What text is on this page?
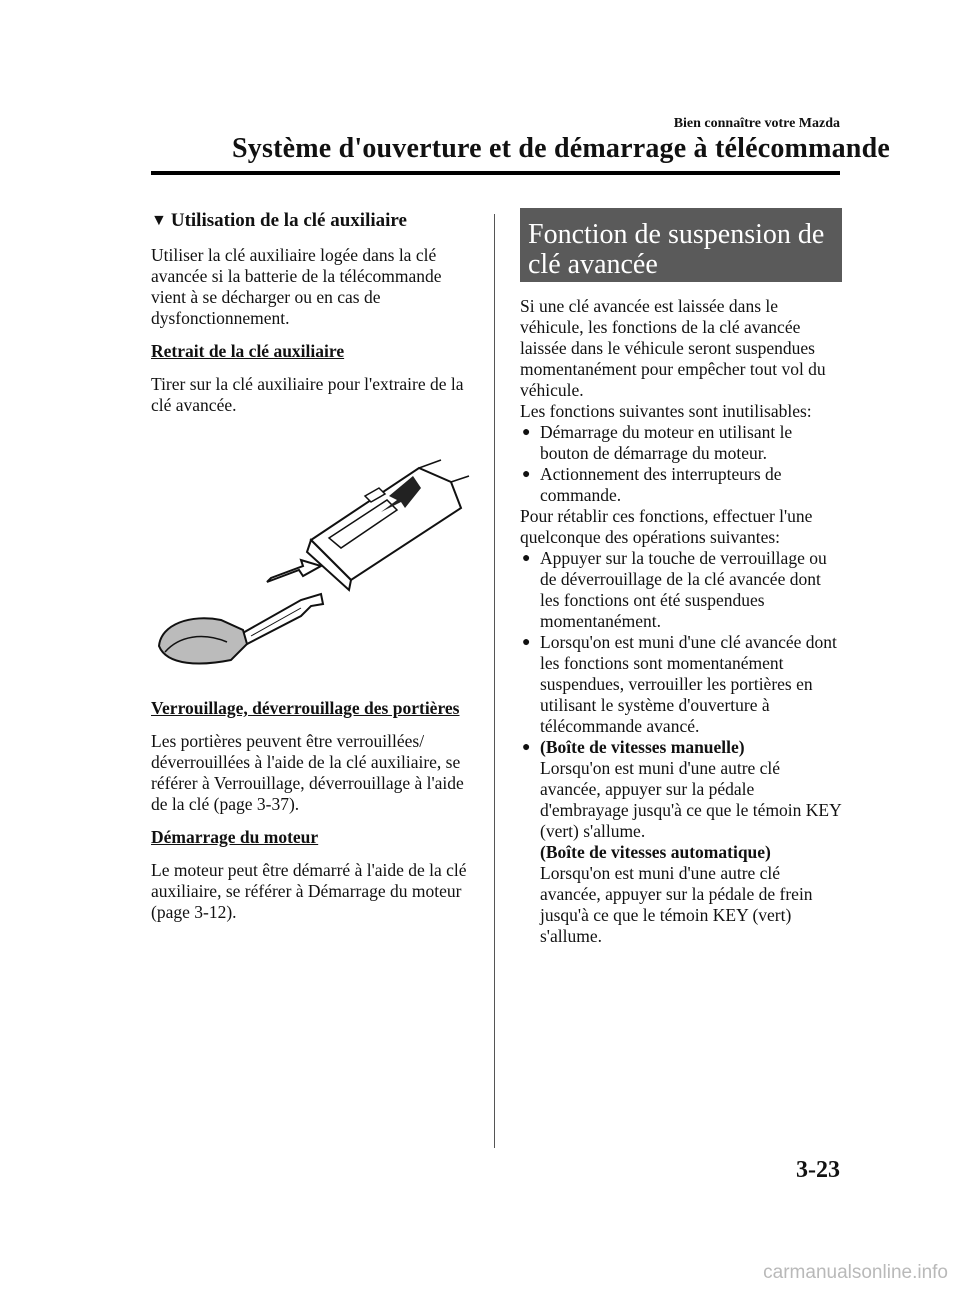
Bien connaître votre Mazda
Système d'ouverture et de démarrage à télécommande
▼ Utilisation de la clé auxiliaire

Utiliser la clé auxiliaire logée dans la clé avancée si la batterie de la télécommande vient à se décharger ou en cas de dysfonctionnement.

Retrait de la clé auxiliaire

Tirer sur la clé auxiliaire pour l'extraire de la clé avancée.

Verrouillage, déverrouillage des portières

Les portières peuvent être verrouillées/ déverrouillées à l'aide de la clé auxiliaire, se référer à Verrouillage, déverrouillage à l'aide de la clé (page 3-37).

Démarrage du moteur

Le moteur peut être démarré à l'aide de la clé auxiliaire, se référer à Démarrage du moteur (page 3-12).

Fonction de suspension de clé avancée

Si une clé avancée est laissée dans le véhicule, les fonctions de la clé avancée laissée dans le véhicule seront suspendues momentanément pour empêcher tout vol du véhicule.

Les fonctions suivantes sont inutilisables:

● Démarrage du moteur en utilisant le bouton de démarrage du moteur.
● Actionnement des interrupteurs de commande.

Pour rétablir ces fonctions, effectuer l'une quelconque des opérations suivantes:

● Appuyer sur la touche de verrouillage ou de déverrouillage de la clé avancée dont les fonctions ont été suspendues momentanément.
● Lorsqu'on est muni d'une clé avancée dont les fonctions sont momentanément suspendues, verrouiller les portières en utilisant le système d'ouverture à télécommande avancé.
● (Boîte de vitesses manuelle)
Lorsqu'on est muni d'une autre clé avancée, appuyer sur la pédale d'embrayage jusqu'à ce que le témoin KEY (vert) s'allume.
(Boîte de vitesses automatique)
Lorsqu'on est muni d'une autre clé avancée, appuyer sur la pédale de frein jusqu'à ce que le témoin KEY (vert) s'allume.
3-23
carmanualsonline.info
